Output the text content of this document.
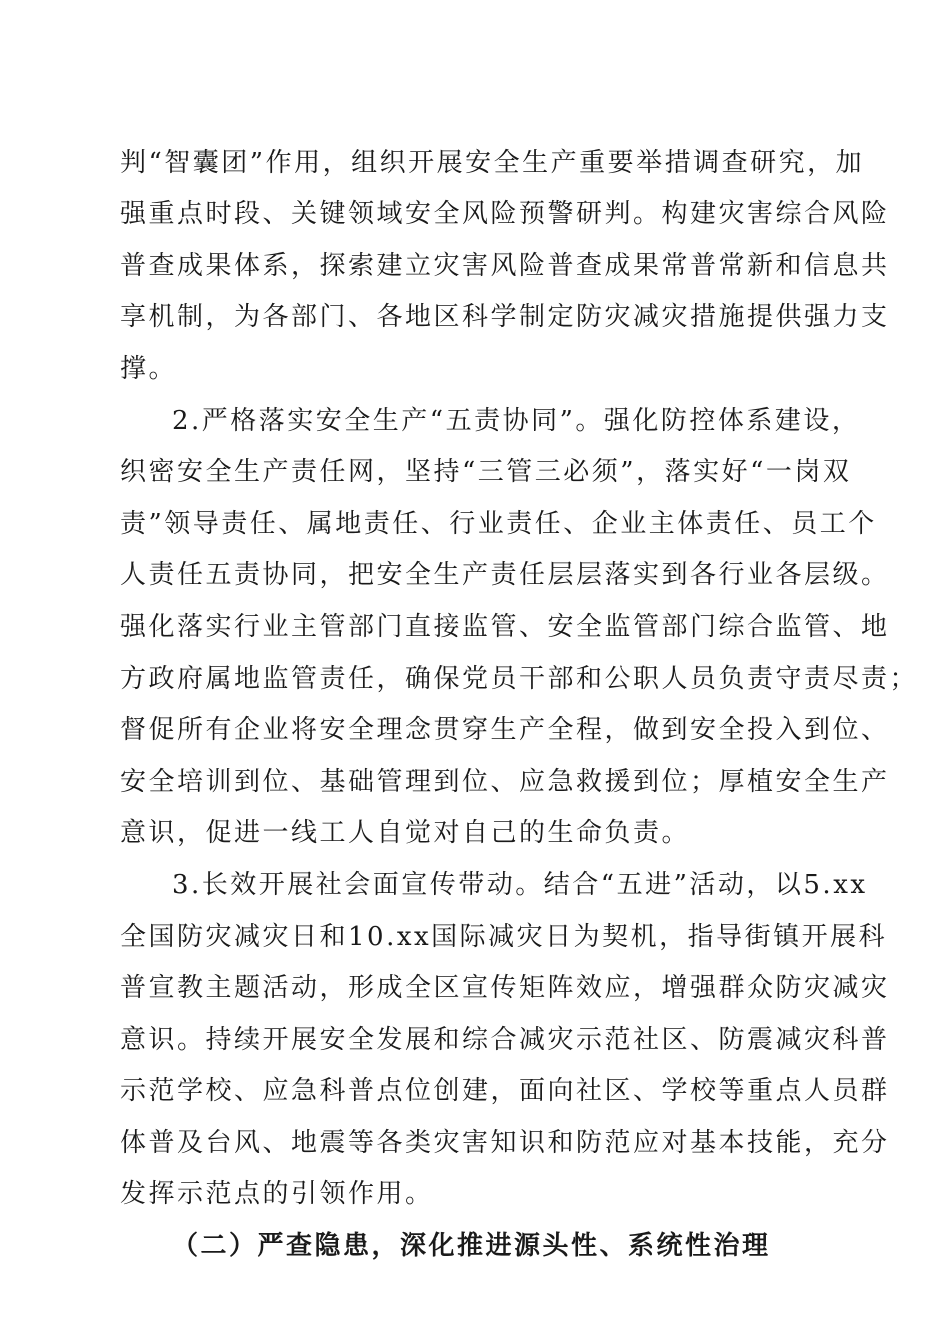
判“智囊团”作用，组织开展安全生产重要举措调查研究，加
强重点时段、关键领域安全风险预警研判。构建灾害综合风险
普查成果体系，探索建立灾害风险普查成果常普常新和信息共
享机制，为各部门、各地区科学制定防灾减灾措施提供强力支
撑。
2.严格落实安全生产“五责协同”。强化防控体系建设，
织密安全生产责任网，坚持“三管三必须”，落实好“一岗双
责”领导责任、属地责任、行业责任、企业主体责任、员工个
人责任五责协同，把安全生产责任层层落实到各行业各层级。
强化落实行业主管部门直接监管、安全监管部门综合监管、地
方政府属地监管责任，确保党员干部和公职人员负责守责尽责；
督促所有企业将安全理念贯穿生产全程，做到安全投入到位、
安全培训到位、基础管理到位、应急救援到位；厚植安全生产
意识，促进一线工人自觉对自己的生命负责。
3.长效开展社会面宣传带动。结合“五进”活动，以5.xx
全国防灾减灾日和10.xx国际减灾日为契机，指导街镇开展科
普宣教主题活动，形成全区宣传矩阵效应，增强群众防灾减灾
意识。持续开展安全发展和综合减灾示范社区、防震减灾科普
示范学校、应急科普点位创建，面向社区、学校等重点人员群
体普及台风、地震等各类灾害知识和防范应对基本技能，充分
发挥示范点的引领作用。
（二）严查隐患，深化推进源头性、系统性治理
